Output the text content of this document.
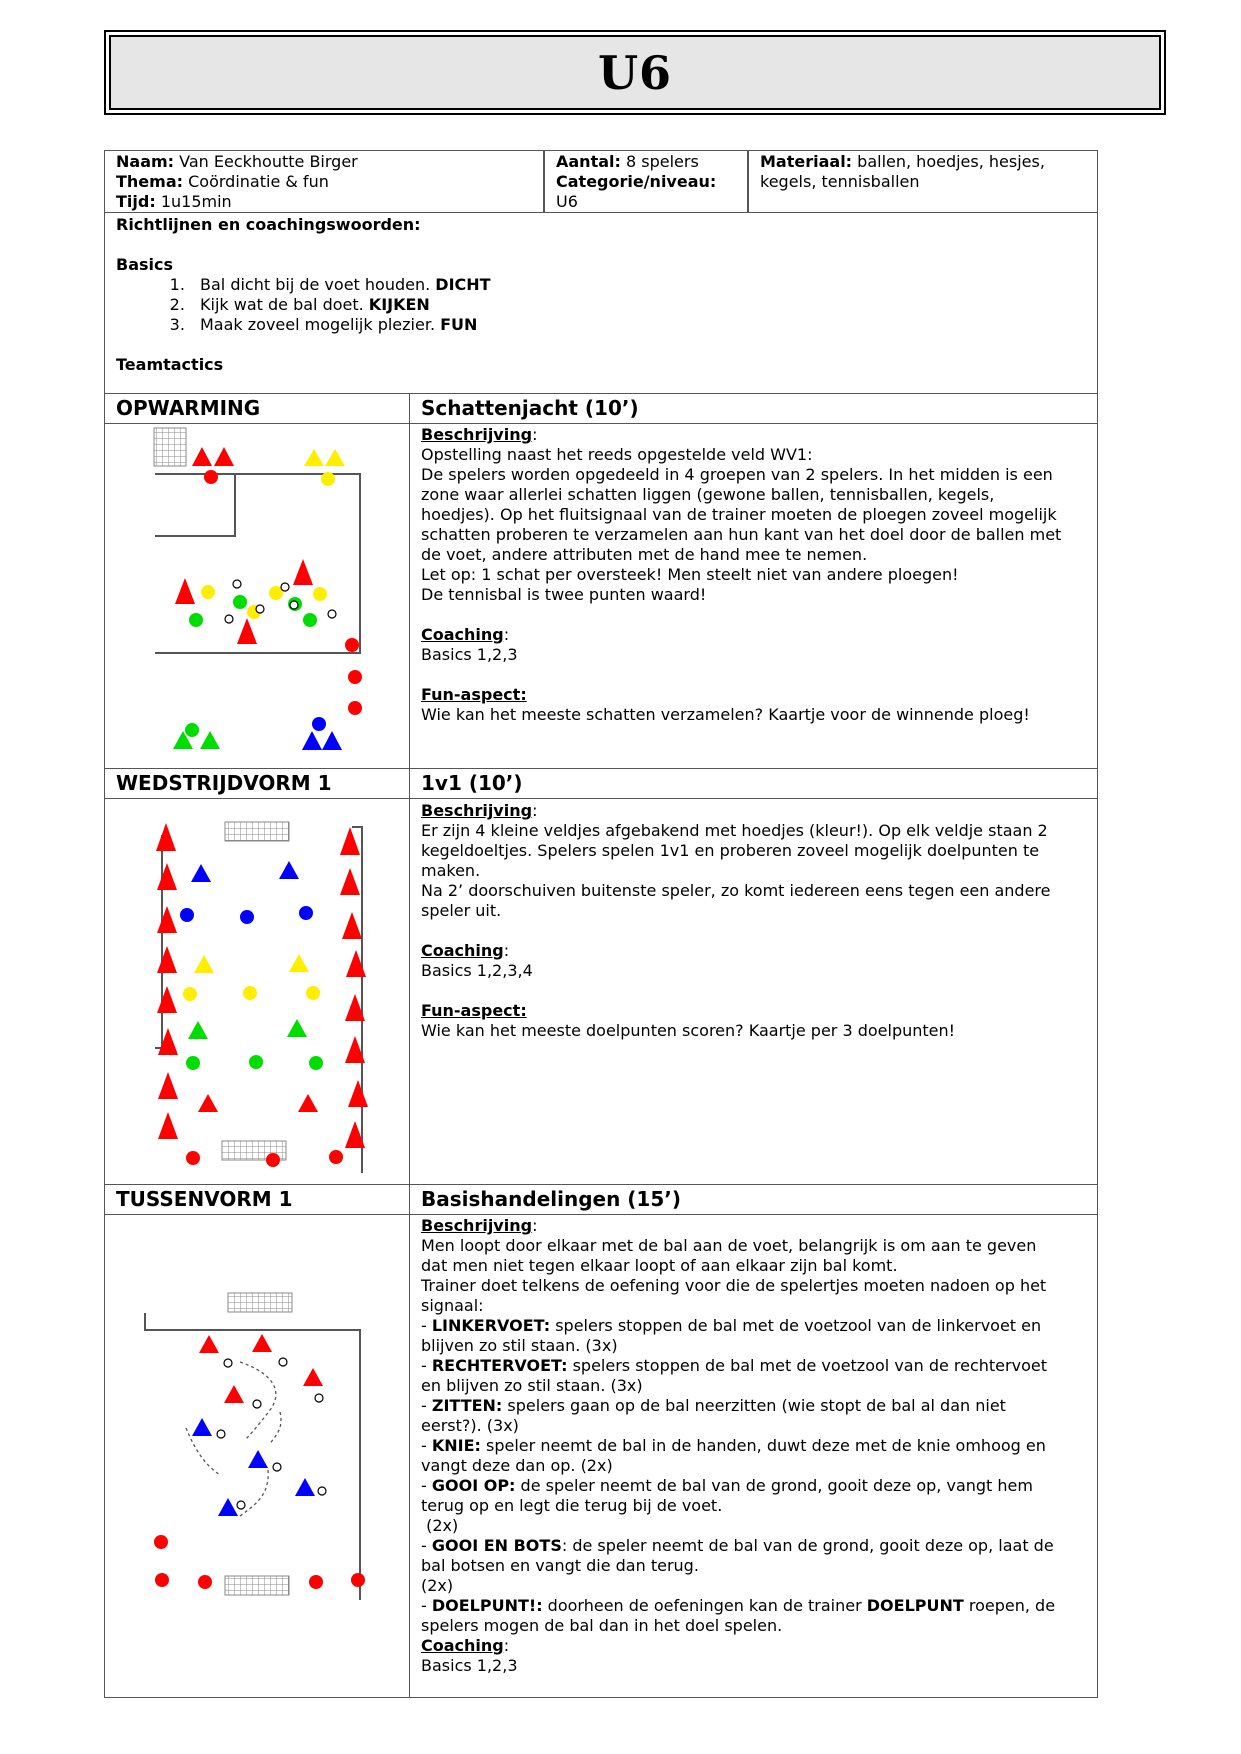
U6
Naam: Van Eeckhoutte Birger
Thema: Coördinatie & fun
Tijd: 1u15min
Aantal: 8 spelers
Categorie/niveau:
U6
Materiaal: ballen, hoedjes, hesjes, kegels, tennisballen
Richtlijnen en coachingswoorden:
Basics
1. Bal dicht bij de voet houden. DICHT
2. Kijk wat de bal doet. KIJKEN
3. Maak zoveel mogelijk plezier. FUN
Teamtactics
OPWARMING	Schattenjacht (10’)
Beschrijving:
Opstelling naast het reeds opgestelde veld WV1:
De spelers worden opgedeeld in 4 groepen van 2 spelers. In het midden is een
zone waar allerlei schatten liggen (gewone ballen, tennisballen, kegels,
hoedjes). Op het fluitsignaal van de trainer moeten de ploegen zoveel mogelijk
schatten proberen te verzamelen aan hun kant van het doel door de ballen met
de voet, andere attributen met de hand mee te nemen.
Let op: 1 schat per oversteek! Men steelt niet van andere ploegen!
De tennisbal is twee punten waard!
Coaching:
Basics 1,2,3
Fun-aspect:
Wie kan het meeste schatten verzamelen? Kaartje voor de winnende ploeg!
WEDSTRIJDVORM 1	1v1 (10’)
Beschrijving:
Er zijn 4 kleine veldjes afgebakend met hoedjes (kleur!). Op elk veldje staan 2
kegeldoeltjes. Spelers spelen 1v1 en proberen zoveel mogelijk doelpunten te
maken.
Na 2’ doorschuiven buitenste speler, zo komt iedereen eens tegen een andere
speler uit.
Coaching:
Basics 1,2,3,4
Fun-aspect:
Wie kan het meeste doelpunten scoren? Kaartje per 3 doelpunten!
TUSSENVORM 1	Basishandelingen (15’)
Beschrijving:
Men loopt door elkaar met de bal aan de voet, belangrijk is om aan te geven
dat men niet tegen elkaar loopt of aan elkaar zijn bal komt.
Trainer doet telkens de oefening voor die de spelertjes moeten nadoen op het
signaal:
- LINKERVOET: spelers stoppen de bal met de voetzool van de linkervoet en
blijven zo stil staan. (3x)
- RECHTERVOET: spelers stoppen de bal met de voetzool van de rechtervoet
en blijven zo stil staan. (3x)
- ZITTEN: spelers gaan op de bal neerzitten (wie stopt de bal al dan niet
eerst?). (3x)
- KNIE: speler neemt de bal in de handen, duwt deze met de knie omhoog en
vangt deze dan op. (2x)
- GOOI OP: de speler neemt de bal van de grond, gooit deze op, vangt hem
terug op en legt die terug bij de voet.
(2x)
- GOOI EN BOTS: de speler neemt de bal van de grond, gooit deze op, laat de
bal botsen en vangt die dan terug.
(2x)
- DOELPUNT!: doorheen de oefeningen kan de trainer DOELPUNT roepen, de
spelers mogen de bal dan in het doel spelen.
Coaching:
Basics 1,2,3
